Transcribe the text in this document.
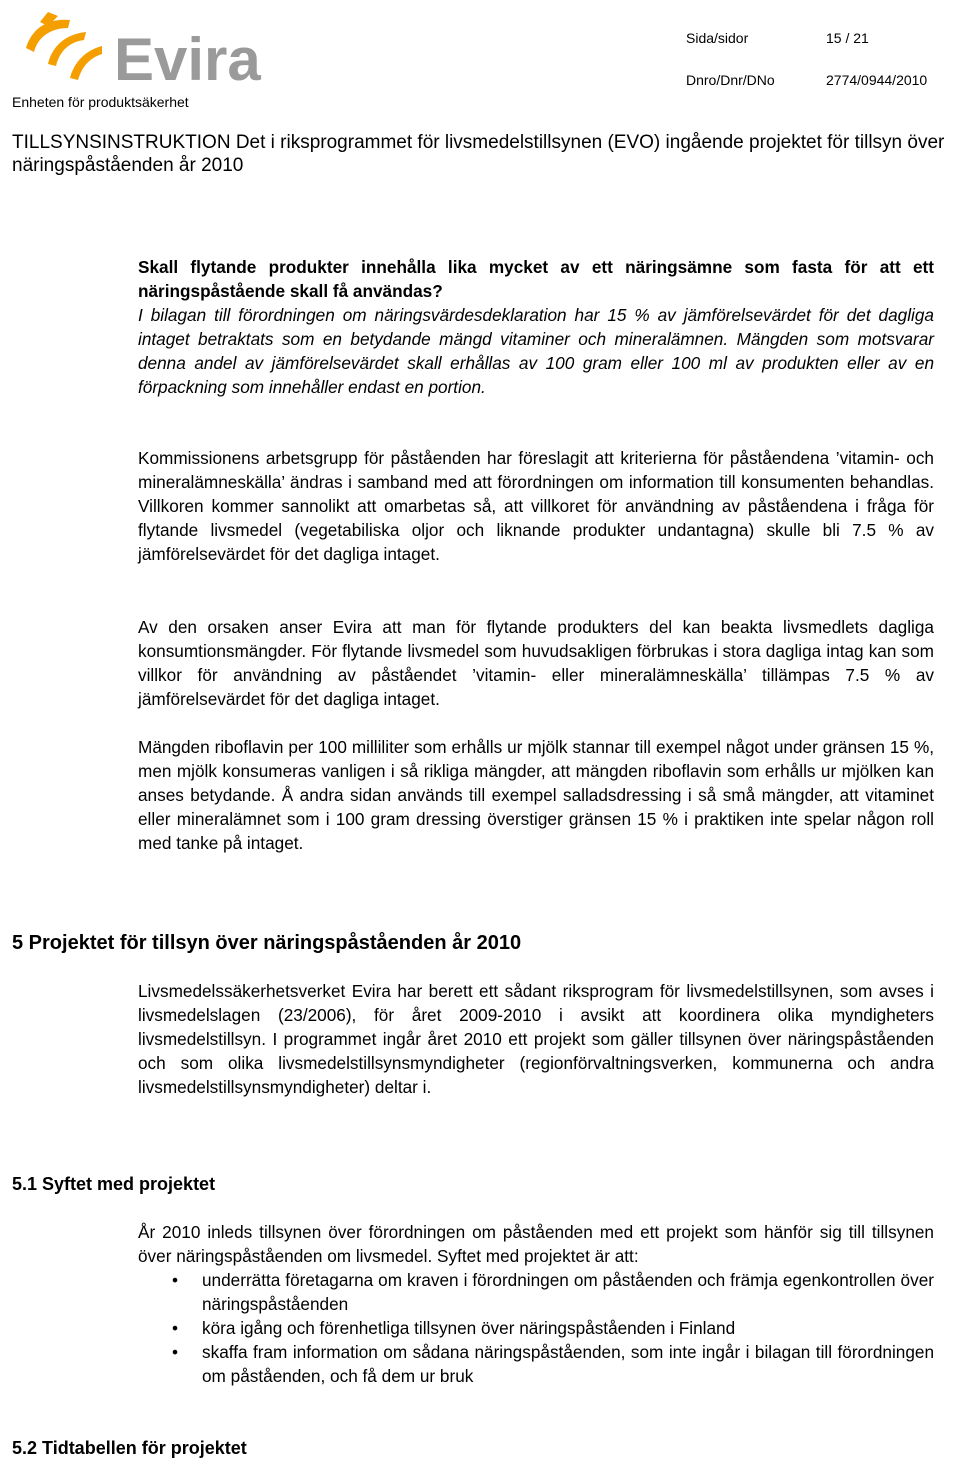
Evira	Sida/sidor	15 / 21
Dnro/Dnr/DNo	2774/0944/2010
Enheten för produktsäkerhet
TILLSYNSINSTRUKTION Det i riksprogrammet för livsmedelstillsynen (EVO) ingående projektet för tillsyn över näringspåståenden år 2010

Skall flytande produkter innehålla lika mycket av ett näringsämne som fasta för att ett näringspåstående skall få användas?

I bilagan till förordningen om näringsvärdesdeklaration har 15 % av jämförelsevärdet för det dagliga intaget betraktats som en betydande mängd vitaminer och mineralämnen. Mängden som motsvarar denna andel av jämförelsevärdet skall erhållas av 100 gram eller 100 ml av produkten eller av en förpackning som innehåller endast en portion.

Kommissionens arbetsgrupp för påståenden har föreslagit att kriterierna för påståendena ’vitamin- och mineralämneskälla’ ändras i samband med att förordningen om information till konsumenten behandlas. Villkoren kommer sannolikt att omarbetas så, att villkoret för användning av påståendena i fråga för flytande livsmedel (vegetabiliska oljor och liknande produkter undantagna) skulle bli 7.5 % av jämförelsevärdet för det dagliga intaget.
Av den orsaken anser Evira att man för flytande produkters del kan beakta livsmedlets dagliga konsumtionsmängder. För flytande livsmedel som huvudsakligen förbrukas i stora dagliga intag kan som villkor för användning av påståendet ’vitamin- eller mineralämneskälla’ tillämpas 7.5 % av jämförelsevärdet för det dagliga intaget.
Mängden riboflavin per 100 milliliter som erhålls ur mjölk stannar till exempel något under gränsen 15 %, men mjölk konsumeras vanligen i så rikliga mängder, att mängden riboflavin som erhålls ur mjölken kan anses betydande. Å andra sidan används till exempel salladsdressing i så små mängder, att vitaminet eller mineralämnet som i 100 gram dressing överstiger gränsen 15 % i praktiken inte spelar någon roll med tanke på intaget.
5 Projektet för tillsyn över näringspåståenden år 2010
Livsmedelssäkerhetsverket Evira har berett ett sådant riksprogram för livsmedelstillsynen, som avses i livsmedelslagen (23/2006), för året 2009-2010 i avsikt att koordinera olika myndigheters livsmedelstillsyn. I programmet ingår året 2010 ett projekt som gäller tillsynen över näringspåståenden och som olika livsmedelstillsynsmyndigheter (regionförvaltningsverken, kommunerna och andra livsmedelstillsynsmyndigheter) deltar i.
5.1 Syftet med projektet
År 2010 inleds tillsynen över förordningen om påståenden med ett projekt som hänför sig till tillsynen över näringspåståenden om livsmedel. Syftet med projektet är att:
• underrätta företagarna om kraven i förordningen om påståenden och främja egenkontrollen över näringspåståenden
• köra igång och förenhetliga tillsynen över näringspåståenden i Finland
• skaffa fram information om sådana näringspåståenden, som inte ingår i bilagan till förordningen om påståenden, och få dem ur bruk
5.2 Tidtabellen för projektet
